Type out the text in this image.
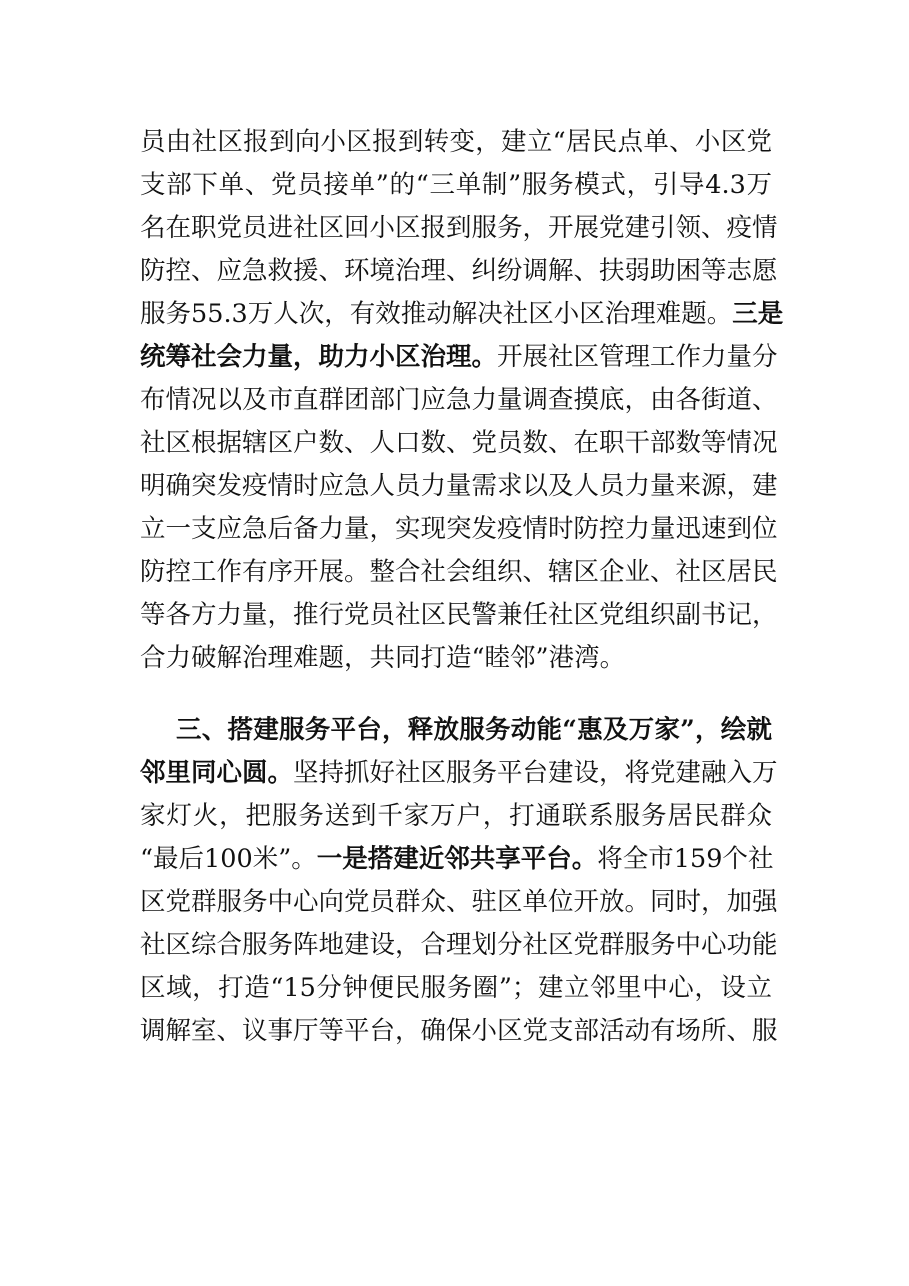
员由社区报到向小区报到转变，建立“居民点单、小区党
支部下单、党员接单”的“三单制”服务模式，引导4.3万
名在职党员进社区回小区报到服务，开展党建引领、疫情
防控、应急救援、环境治理、纠纷调解、扶弱助困等志愿
服务55.3万人次，有效推动解决社区小区治理难题。三是
统筹社会力量，助力小区治理。开展社区管理工作力量分
布情况以及市直群团部门应急力量调查摸底，由各街道、
社区根据辖区户数、人口数、党员数、在职干部数等情况
明确突发疫情时应急人员力量需求以及人员力量来源，建
立一支应急后备力量，实现突发疫情时防控力量迅速到位
防控工作有序开展。整合社会组织、辖区企业、社区居民
等各方力量，推行党员社区民警兼任社区党组织副书记，
合力破解治理难题，共同打造“睦邻”港湾。
三、搭建服务平台，释放服务动能“惠及万家”，绘就
邻里同心圆。坚持抓好社区服务平台建设，将党建融入万
家灯火，把服务送到千家万户，打通联系服务居民群众
“最后100米”。一是搭建近邻共享平台。将全市159个社
区党群服务中心向党员群众、驻区单位开放。同时，加强
社区综合服务阵地建设，合理划分社区党群服务中心功能
区域，打造“15分钟便民服务圈”；建立邻里中心，设立
调解室、议事厅等平台，确保小区党支部活动有场所、服
